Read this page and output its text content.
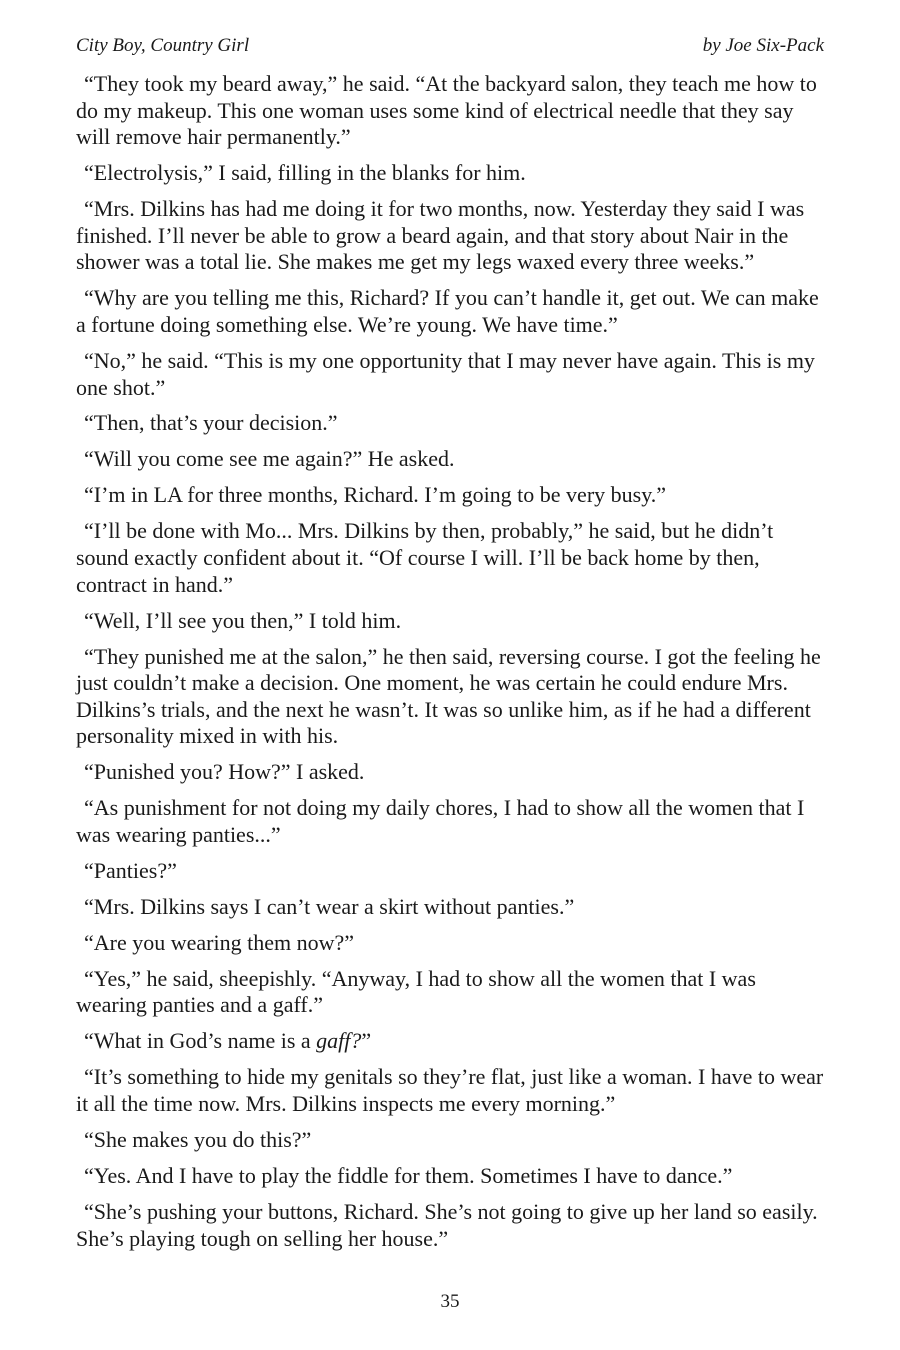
City Boy, Country Girl	by Joe Six-Pack

“They took my beard away,” he said. “At the backyard salon, they teach me how to do my makeup. This one woman uses some kind of electrical needle that they say will remove hair permanently.”

“Electrolysis,” I said, filling in the blanks for him.

“Mrs. Dilkins has had me doing it for two months, now. Yesterday they said I was finished. I’ll never be able to grow a beard again, and that story about Nair in the shower was a total lie. She makes me get my legs waxed every three weeks.”

“Why are you telling me this, Richard? If you can’t handle it, get out. We can make a fortune doing something else. We’re young. We have time.”

“No,” he said. “This is my one opportunity that I may never have again. This is my one shot.”

“Then, that’s your decision.”

“Will you come see me again?” He asked.

“I’m in LA for three months, Richard. I’m going to be very busy.”

“I’ll be done with Mo... Mrs. Dilkins by then, probably,” he said, but he didn’t sound exactly confident about it. “Of course I will. I’ll be back home by then, contract in hand.”

“Well, I’ll see you then,” I told him.

“They punished me at the salon,” he then said, reversing course. I got the feeling he just couldn’t make a decision. One moment, he was certain he could endure Mrs. Dilkins’s trials, and the next he wasn’t. It was so unlike him, as if he had a different personality mixed in with his.

“Punished you? How?” I asked.

“As punishment for not doing my daily chores, I had to show all the women that I was wearing panties...”

“Panties?”

“Mrs. Dilkins says I can’t wear a skirt without panties.”

“Are you wearing them now?”

“Yes,” he said, sheepishly. “Anyway, I had to show all the women that I was wearing panties and a gaff.”

“What in God’s name is a gaff?”

“It’s something to hide my genitals so they’re flat, just like a woman. I have to wear it all the time now. Mrs. Dilkins inspects me every morning.”

“She makes you do this?”

“Yes. And I have to play the fiddle for them. Sometimes I have to dance.”

“She’s pushing your buttons, Richard. She’s not going to give up her land so easily. She’s playing tough on selling her house.”

35
